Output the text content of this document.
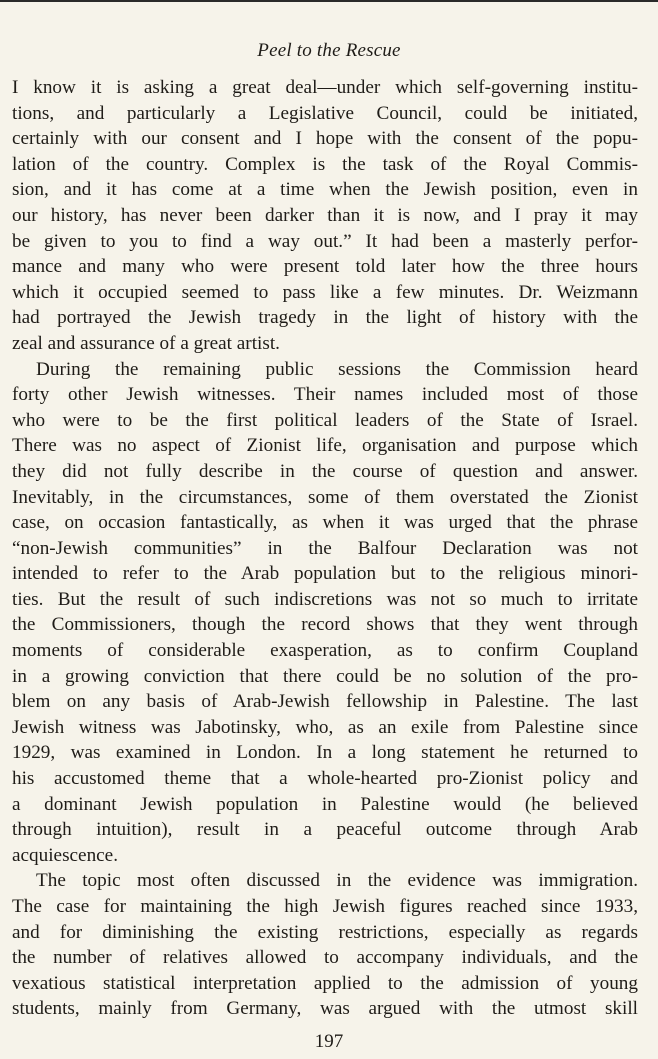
Peel to the Rescue
I know it is asking a great deal—under which self-governing institu-
tions, and particularly a Legislative Council, could be initiated,
certainly with our consent and I hope with the consent of the popu-
lation of the country. Complex is the task of the Royal Commis-
sion, and it has come at a time when the Jewish position, even in
our history, has never been darker than it is now, and I pray it may
be given to you to find a way out.” It had been a masterly perfor-
mance and many who were present told later how the three hours
which it occupied seemed to pass like a few minutes. Dr. Weizmann
had portrayed the Jewish tragedy in the light of history with the
zeal and assurance of a great artist.
During the remaining public sessions the Commission heard
forty other Jewish witnesses. Their names included most of those
who were to be the first political leaders of the State of Israel.
There was no aspect of Zionist life, organisation and purpose which
they did not fully describe in the course of question and answer.
Inevitably, in the circumstances, some of them overstated the Zionist
case, on occasion fantastically, as when it was urged that the phrase
“non-Jewish communities” in the Balfour Declaration was not
intended to refer to the Arab population but to the religious minori-
ties. But the result of such indiscretions was not so much to irritate
the Commissioners, though the record shows that they went through
moments of considerable exasperation, as to confirm Coupland
in a growing conviction that there could be no solution of the pro-
blem on any basis of Arab-Jewish fellowship in Palestine. The last
Jewish witness was Jabotinsky, who, as an exile from Palestine since
1929, was examined in London. In a long statement he returned to
his accustomed theme that a whole-hearted pro-Zionist policy and
a dominant Jewish population in Palestine would (he believed
through intuition), result in a peaceful outcome through Arab
acquiescence.
The topic most often discussed in the evidence was immigration.
The case for maintaining the high Jewish figures reached since 1933,
and for diminishing the existing restrictions, especially as regards
the number of relatives allowed to accompany individuals, and the
vexatious statistical interpretation applied to the admission of young
students, mainly from Germany, was argued with the utmost skill
197
